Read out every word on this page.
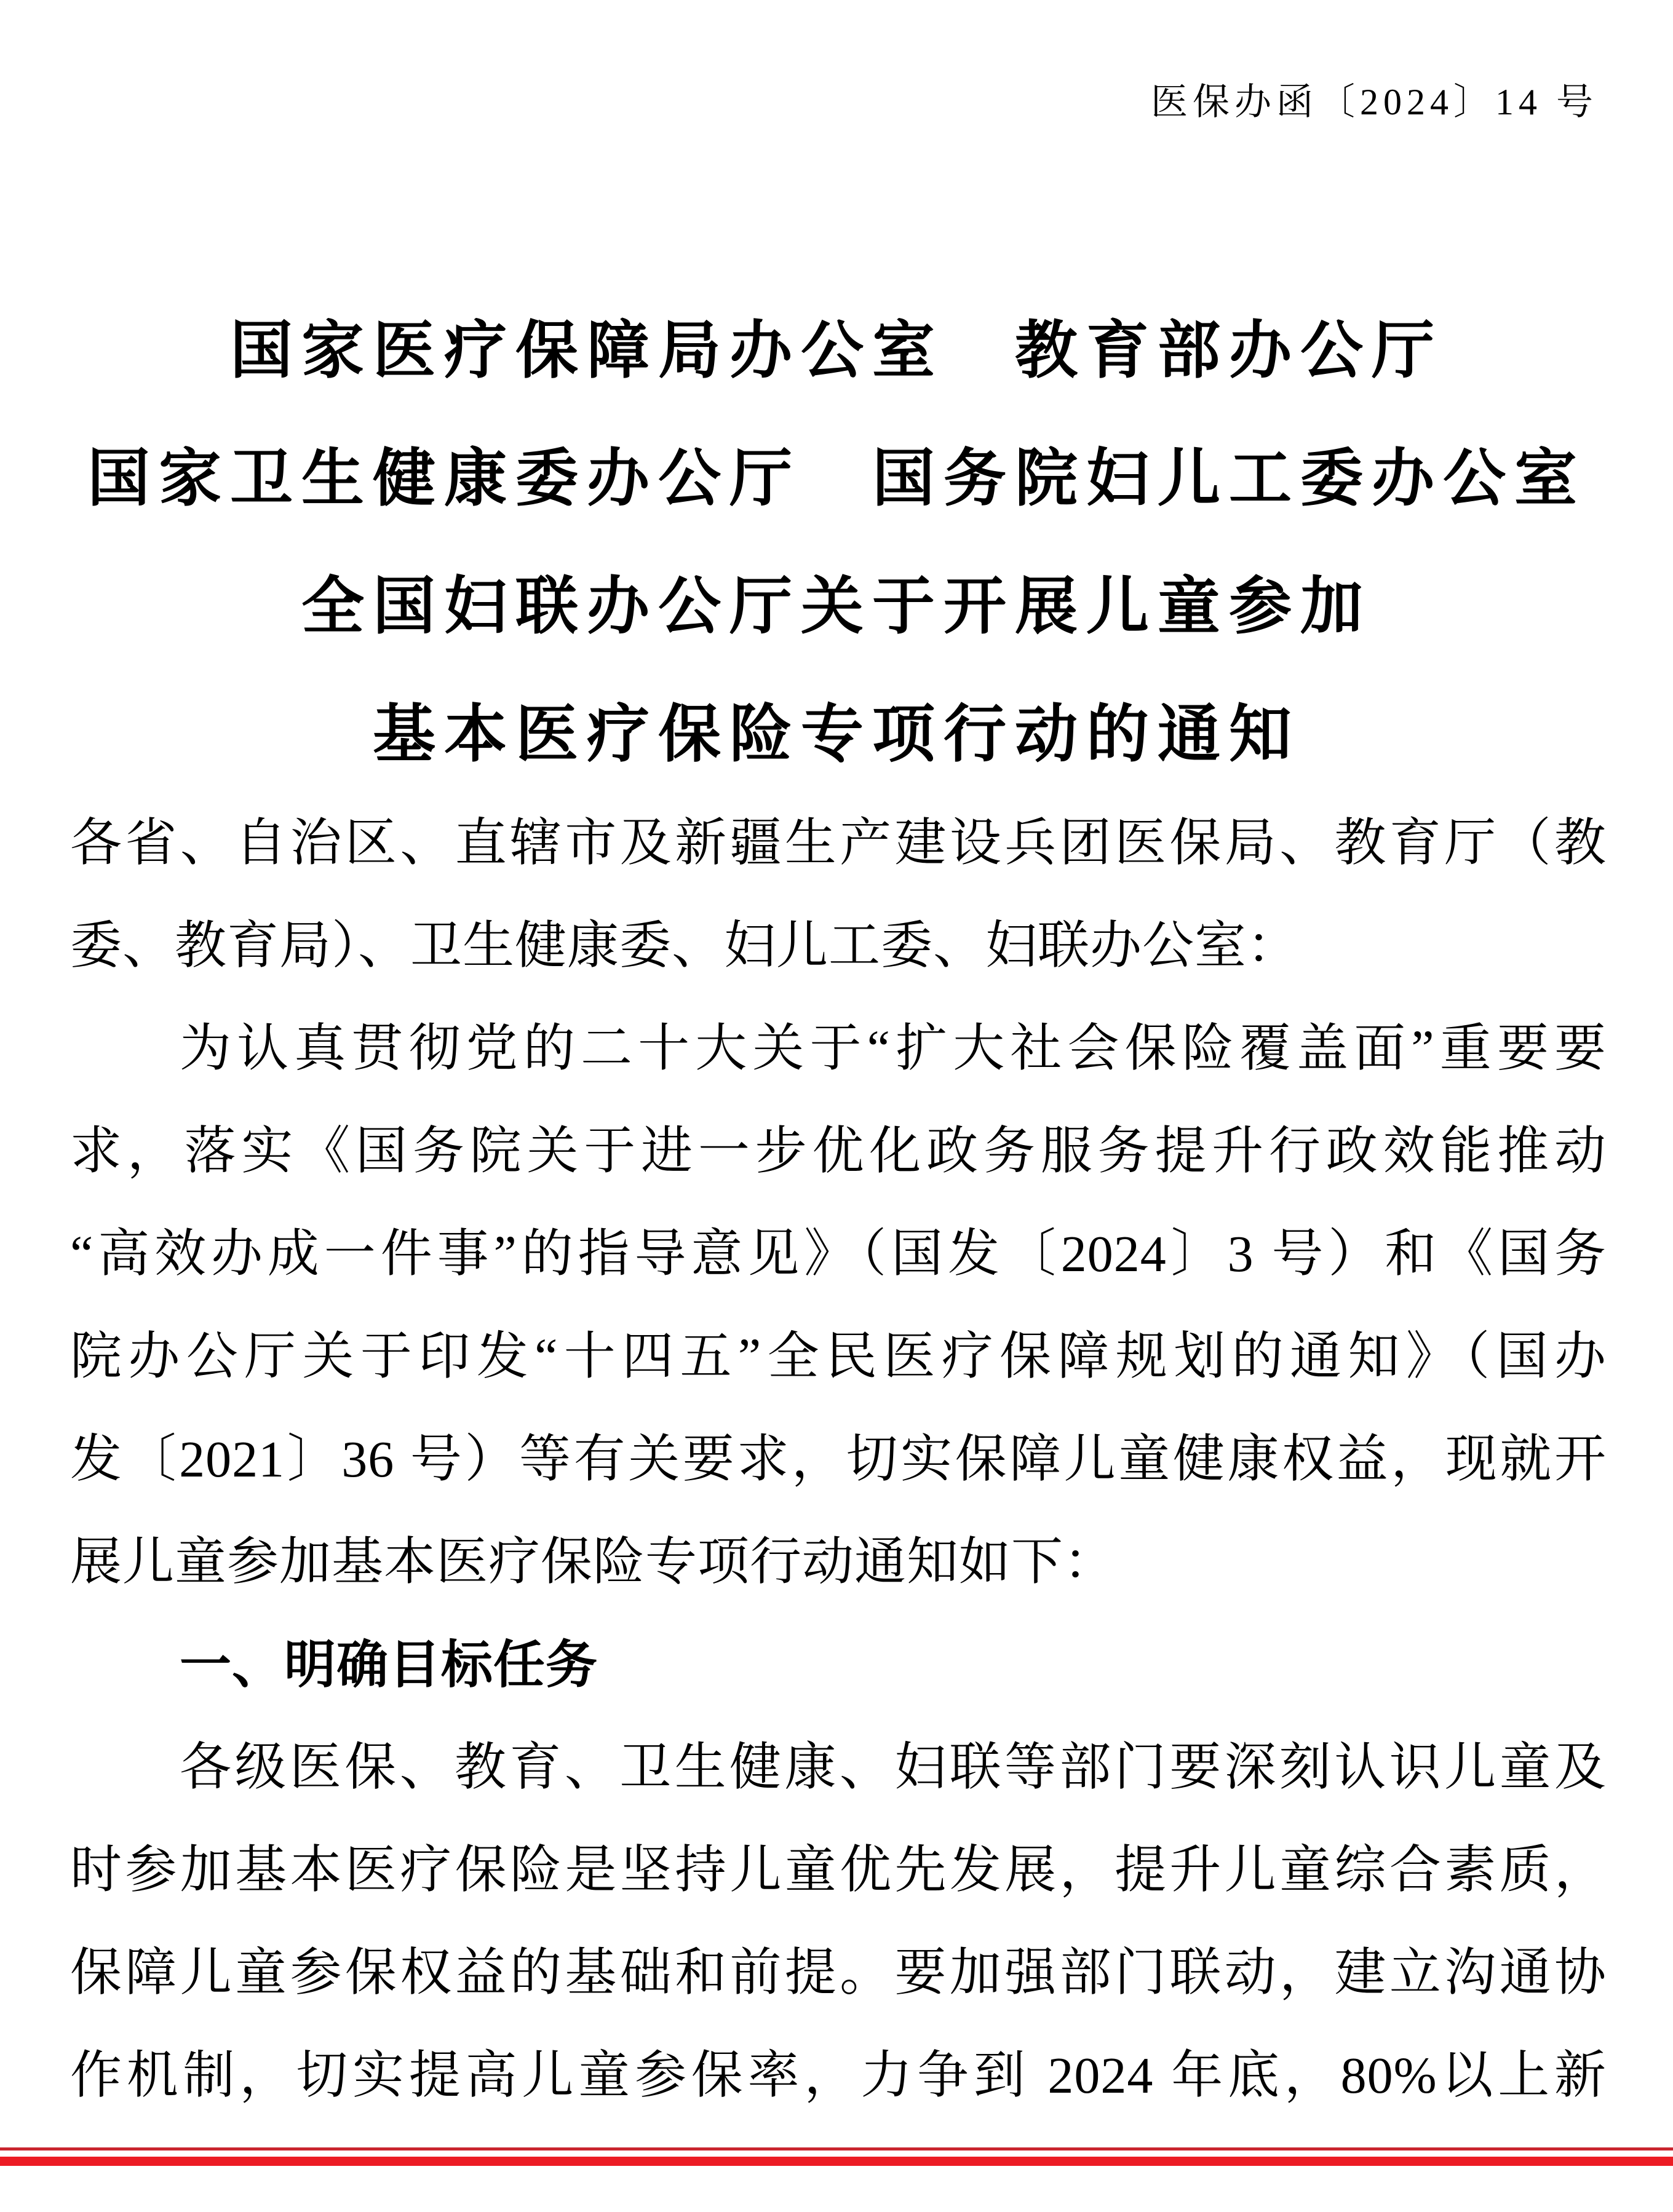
医保办函〔2024〕14 号
国家医疗保障局办公室　教育部办公厅
国家卫生健康委办公厅　国务院妇儿工委办公室
全国妇联办公厅关于开展儿童参加
基本医疗保险专项行动的通知
各省、自治区、直辖市及新疆生产建设兵团医保局、教育厅（教
委、教育局）、卫生健康委、妇儿工委、妇联办公室：
为认真贯彻党的二十大关于“扩大社会保险覆盖面”重要要
求，落实《国务院关于进一步优化政务服务提升行政效能推动
“高效办成一件事”的指导意见》（国发〔2024〕3 号）和《国务
院办公厅关于印发“十四五”全民医疗保障规划的通知》（国办
发〔2021〕36 号）等有关要求，切实保障儿童健康权益，现就开
展儿童参加基本医疗保险专项行动通知如下：
一、明确目标任务
各级医保、教育、卫生健康、妇联等部门要深刻认识儿童及
时参加基本医疗保险是坚持儿童优先发展，提升儿童综合素质，
保障儿童参保权益的基础和前提。要加强部门联动，建立沟通协
作机制，切实提高儿童参保率，力争到 2024 年底，80%以上新
